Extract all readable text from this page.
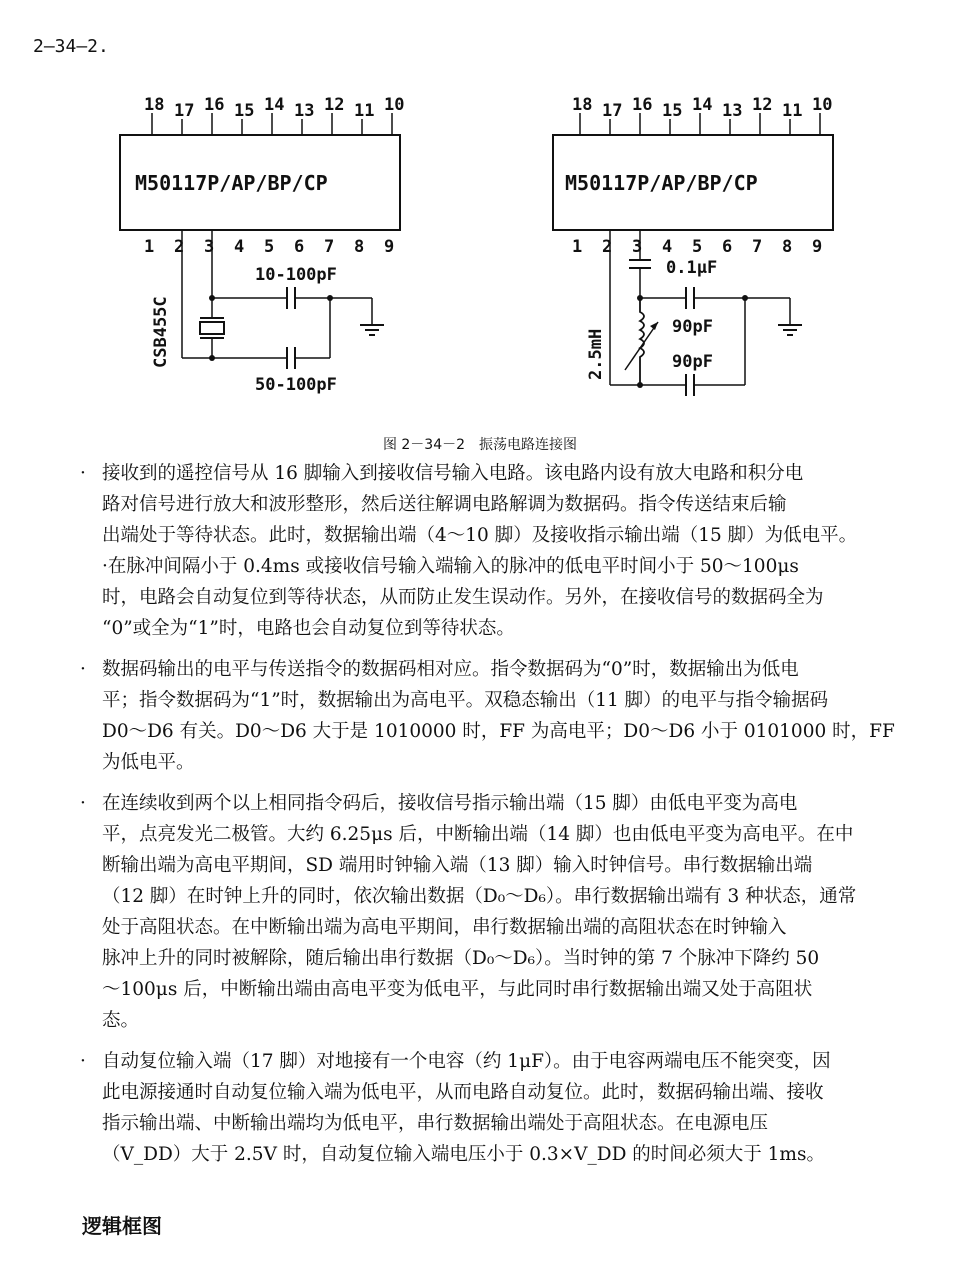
2—34—2.
M50117P/AP/BP/CP
18 17 16 15 14 13 12 11 10
1 2 3 4 5 6 7 8 9
10-100pF
50-100pF
CSB455C
M50117P/AP/BP/CP
18 17 16 15 14 13 12 11 10
1 2 3 4 5 6 7 8 9
0.1μF
90pF
90pF
2.5mH
图 2－34－2　振荡电路连接图
· 接收到的遥控信号从 16 脚输入到接收信号输入电路。该电路内设有放大电路和积分电
路对信号进行放大和波形整形，然后送往解调电路解调为数据码。指令传送结束后输
出端处于等待状态。此时，数据输出端（4～10 脚）及接收指示输出端（15 脚）为低电平。
·在脉冲间隔小于 0.4ms 或接收信号输入端输入的脉冲的低电平时间小于 50～100μs
时，电路会自动复位到等待状态，从而防止发生误动作。另外，在接收信号的数据码全为
“0”或全为“1”时，电路也会自动复位到等待状态。
· 数据码输出的电平与传送指令的数据码相对应。指令数据码为“0”时，数据输出为低电
平；指令数据码为“1”时，数据输出为高电平。双稳态输出（11 脚）的电平与指令输据码
D0～D6 有关。D0～D6 大于是 1010000 时，FF 为高电平；D0～D6 小于 0101000 时，FF
为低电平。
· 在连续收到两个以上相同指令码后，接收信号指示输出端（15 脚）由低电平变为高电
平，点亮发光二极管。大约 6.25μs 后，中断输出端（14 脚）也由低电平变为高电平。在中
断输出端为高电平期间，SD 端用时钟输入端（13 脚）输入时钟信号。串行数据输出端
（12 脚）在时钟上升的同时，依次输出数据（D₀～D₆）。串行数据输出端有 3 种状态，通常
处于高阻状态。在中断输出端为高电平期间，串行数据输出端的高阻状态在时钟输入
脉冲上升的同时被解除，随后输出串行数据（D₀～D₆）。当时钟的第 7 个脉冲下降约 50
～100μs 后，中断输出端由高电平变为低电平，与此同时串行数据输出端又处于高阻状
态。
· 自动复位输入端（17 脚）对地接有一个电容（约 1μF）。由于电容两端电压不能突变，因
此电源接通时自动复位输入端为低电平，从而电路自动复位。此时，数据码输出端、接收
指示输出端、中断输出端均为低电平，串行数据输出端处于高阻状态。在电源电压
（V_DD）大于 2.5V 时，自动复位输入端电压小于 0.3×V_DD 的时间必须大于 1ms。
逻辑框图
